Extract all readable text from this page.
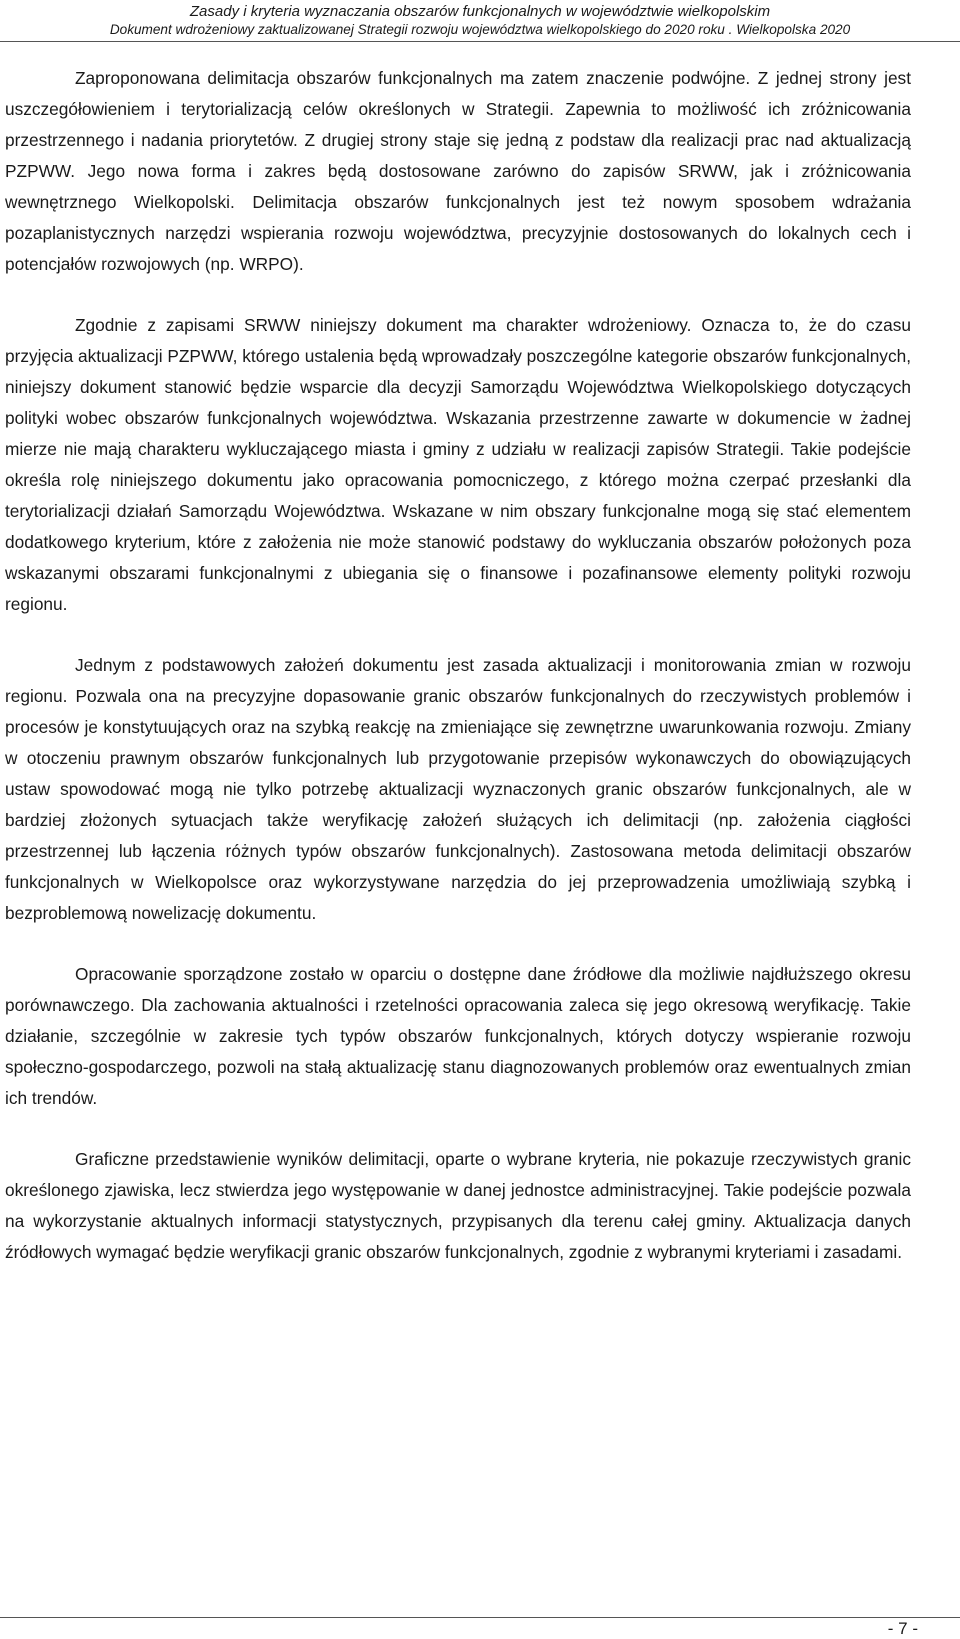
Zasady i kryteria wyznaczania obszarów funkcjonalnych w województwie wielkopolskim
Dokument wdrożeniowy zaktualizowanej Strategii rozwoju województwa wielkopolskiego do 2020 roku . Wielkopolska 2020

Zaproponowana delimitacja obszarów funkcjonalnych ma zatem znaczenie podwójne. Z jednej strony jest uszczegółowieniem i terytorializacją celów określonych w Strategii. Zapewnia to możliwość ich zróżnicowania przestrzennego i nadania priorytetów. Z drugiej strony staje się jedną z podstaw dla realizacji prac nad aktualizacją PZPWW. Jego nowa forma i zakres będą dostosowane zarówno do zapisów SRWW, jak i zróżnicowania wewnętrznego Wielkopolski. Delimitacja obszarów funkcjonalnych jest też nowym sposobem wdrażania pozaplanistycznych narzędzi wspierania rozwoju województwa, precyzyjnie dostosowanych do lokalnych cech i potencjałów rozwojowych (np. WRPO).

Zgodnie z zapisami SRWW niniejszy dokument ma charakter wdrożeniowy. Oznacza to, że do czasu przyjęcia aktualizacji PZPWW, którego ustalenia będą wprowadzały poszczególne kategorie obszarów funkcjonalnych, niniejszy dokument stanowić będzie wsparcie dla decyzji Samorządu Województwa Wielkopolskiego dotyczących polityki wobec obszarów funkcjonalnych województwa. Wskazania przestrzenne zawarte w dokumencie w żadnej mierze nie mają charakteru wykluczającego miasta i gminy z udziału w realizacji zapisów Strategii. Takie podejście określa rolę niniejszego dokumentu jako opracowania pomocniczego, z którego można czerpać przesłanki dla terytorializacji działań Samorządu Województwa. Wskazane w nim obszary funkcjonalne mogą się stać elementem dodatkowego kryterium, które z założenia nie może stanowić podstawy do wykluczania obszarów położonych poza wskazanymi obszarami funkcjonalnymi z ubiegania się o finansowe i pozafinansowe elementy polityki rozwoju regionu.

Jednym z podstawowych założeń dokumentu jest zasada aktualizacji i monitorowania zmian w rozwoju regionu. Pozwala ona na precyzyjne dopasowanie granic obszarów funkcjonalnych do rzeczywistych problemów i procesów je konstytuujących oraz na szybką reakcję na zmieniające się zewnętrzne uwarunkowania rozwoju. Zmiany w otoczeniu prawnym obszarów funkcjonalnych lub przygotowanie przepisów wykonawczych do obowiązujących ustaw spowodować mogą nie tylko potrzebę aktualizacji wyznaczonych granic obszarów funkcjonalnych, ale w bardziej złożonych sytuacjach także weryfikację założeń służących ich delimitacji (np. założenia ciągłości przestrzennej lub łączenia różnych typów obszarów funkcjonalnych). Zastosowana metoda delimitacji obszarów funkcjonalnych w Wielkopolsce oraz wykorzystywane narzędzia do jej przeprowadzenia umożliwiają szybką i bezproblemową nowelizację dokumentu.

Opracowanie sporządzone zostało w oparciu o dostępne dane źródłowe dla możliwie najdłuższego okresu porównawczego. Dla zachowania aktualności i rzetelności opracowania zaleca się jego okresową weryfikację. Takie działanie, szczególnie w zakresie tych typów obszarów funkcjonalnych, których dotyczy wspieranie rozwoju społeczno-gospodarczego, pozwoli na stałą aktualizację stanu diagnozowanych problemów oraz ewentualnych zmian ich trendów.

Graficzne przedstawienie wyników delimitacji, oparte o wybrane kryteria, nie pokazuje rzeczywistych granic określonego zjawiska, lecz stwierdza jego występowanie w danej jednostce administracyjnej. Takie podejście pozwala na wykorzystanie aktualnych informacji statystycznych, przypisanych dla terenu całej gminy. Aktualizacja danych źródłowych wymagać będzie weryfikacji granic obszarów funkcjonalnych, zgodnie z wybranymi kryteriami i zasadami.

- 7 -
